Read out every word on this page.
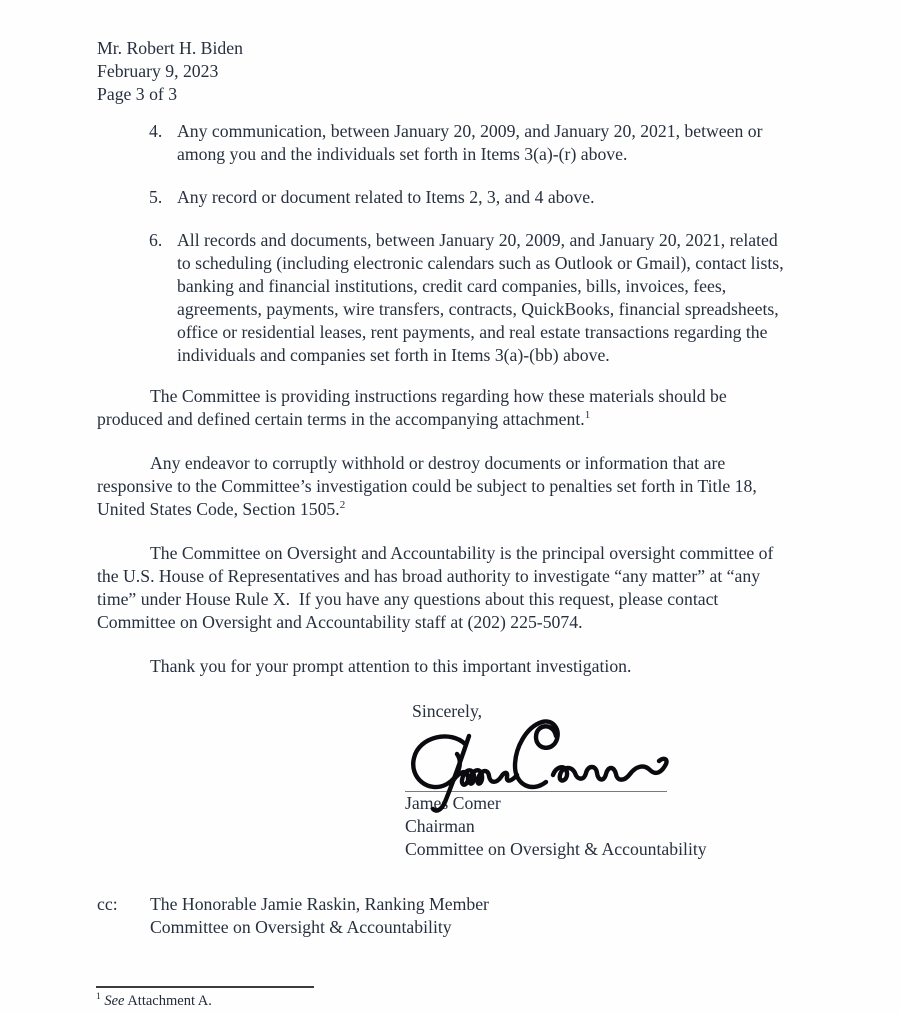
Mr. Robert H. Biden
February 9, 2023
Page 3 of 3
4. Any communication, between January 20, 2009, and January 20, 2021, between or
among you and the individuals set forth in Items 3(a)-(r) above.
5. Any record or document related to Items 2, 3, and 4 above.
6. All records and documents, between January 20, 2009, and January 20, 2021, related
to scheduling (including electronic calendars such as Outlook or Gmail), contact lists,
banking and financial institutions, credit card companies, bills, invoices, fees,
agreements, payments, wire transfers, contracts, QuickBooks, financial spreadsheets,
office or residential leases, rent payments, and real estate transactions regarding the
individuals and companies set forth in Items 3(a)-(bb) above.
The Committee is providing instructions regarding how these materials should be
produced and defined certain terms in the accompanying attachment.$^1$
Any endeavor to corruptly withhold or destroy documents or information that are
responsive to the Committee’s investigation could be subject to penalties set forth in Title 18,
United States Code, Section 1505.$^2$
The Committee on Oversight and Accountability is the principal oversight committee of
the U.S. House of Representatives and has broad authority to investigate “any matter” at “any
time” under House Rule X.  If you have any questions about this request, please contact
Committee on Oversight and Accountability staff at (202) 225-5074.
Thank you for your prompt attention to this important investigation.
Sincerely,
James Comer
Chairman
Committee on Oversight & Accountability
cc:	The Honorable Jamie Raskin, Ranking Member
Committee on Oversight & Accountability
$^1$ See Attachment A.
